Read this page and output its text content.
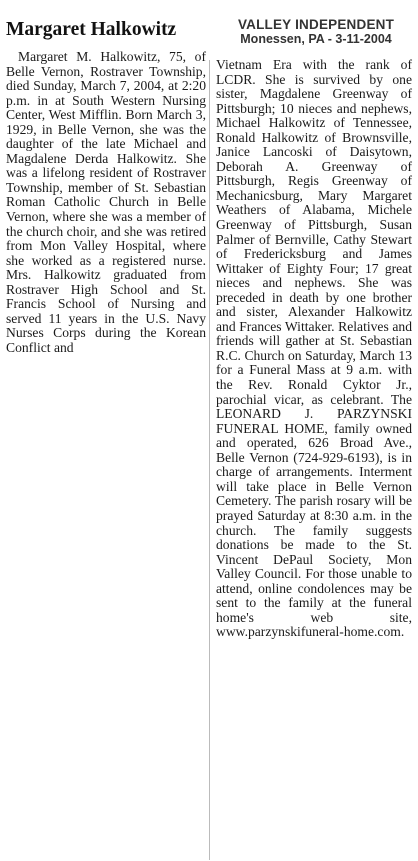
Margaret Halkowitz

Margaret M. Halkowitz, 75, of Belle Vernon, Rostraver Township, died Sunday, March 7, 2004, at 2:20 p.m. in at South Western Nursing Center, West Mifflin. Born March 3, 1929, in Belle Vernon, she was the daughter of the late Michael and Magdalene Derda Halkowitz. She was a lifelong resident of Rostraver Township, member of St. Sebastian Roman Catholic Church in Belle Vernon, where she was a member of the church choir, and she was retired from Mon Valley Hospital, where she worked as a registered nurse. Mrs. Halkowitz graduated from Rostraver High School and St. Francis School of Nursing and served 11 years in the U.S. Navy Nurses Corps during the Korean Conflict and

VALLEY INDEPENDENT
Monessen, PA - 3-11-2004

Vietnam Era with the rank of LCDR. She is survived by one sister, Magdalene Greenway of Pittsburgh; 10 nieces and nephews, Michael Halkowitz of Tennessee, Ronald Halkowitz of Brownsville, Janice Lancoski of Daisytown, Deborah A. Greenway of Pittsburgh, Regis Greenway of Mechanicsburg, Mary Margaret Weathers of Alabama, Michele Greenway of Pittsburgh, Susan Palmer of Bernville, Cathy Stewart of Fredericksburg and James Wittaker of Eighty Four; 17 great nieces and nephews. She was preceded in death by one brother and sister, Alexander Halkowitz and Frances Wittaker. Relatives and friends will gather at St. Sebastian R.C. Church on Saturday, March 13 for a Funeral Mass at 9 a.m. with the Rev. Ronald Cyktor Jr., parochial vicar, as celebrant. The LEONARD J. PARZYNSKI FUNERAL HOME, family owned and operated, 626 Broad Ave., Belle Vernon (724-929-6193), is in charge of arrangements. Interment will take place in Belle Vernon Cemetery. The parish rosary will be prayed Saturday at 8:30 a.m. in the church. The family suggests donations be made to the St. Vincent DePaul Society, Mon Valley Council. For those unable to attend, online condolences may be sent to the family at the funeral home's web site, www.parzynskifuneral-home.com.
